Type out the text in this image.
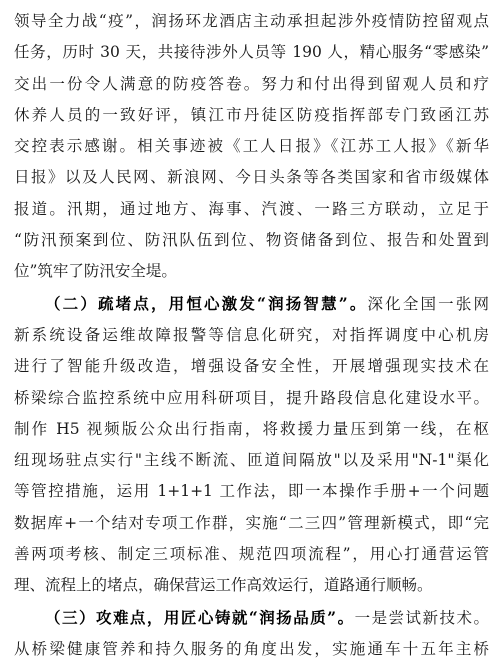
领导全力战“疫”，润扬环龙酒店主动承担起涉外疫情防控留观点
任务，历时 30 天，共接待涉外人员等 190 人，精心服务“零感染”
交出一份令人满意的防疫答卷。努力和付出得到留观人员和疗
休养人员的一致好评，镇江市丹徒区防疫指挥部专门致函江苏
交控表示感谢。相关事迹被《工人日报》《江苏工人报》《新华
日报》以及人民网、新浪网、今日头条等各类国家和省市级媒体
报道。汛期，通过地方、海事、汽渡、一路三方联动，立足于
“防汛预案到位、防汛队伍到位、物资储备到位、报告和处置到
位”筑牢了防汛安全堤。
（二）疏堵点，用恒心激发“润扬智慧”。深化全国一张网
新系统设备运维故障报警等信息化研究，对指挥调度中心机房
进行了智能升级改造，增强设备安全性，开展增强现实技术在
桥梁综合监控系统中应用科研项目，提升路段信息化建设水平。
制作 H5 视频版公众出行指南，将救援力量压到第一线，在枢
纽现场驻点实行"主线不断流、匝道间隔放"以及采用"N-1"渠化
等管控措施，运用 1+1+1 工作法，即一本操作手册+一个问题
数据库+一个结对专项工作群，实施“二三四”管理新模式，即“完
善两项考核、制定三项标准、规范四项流程”，用心打通营运管
理、流程上的堵点，确保营运工作高效运行，道路通行顺畅。
（三）攻难点，用匠心铸就“润扬品质”。一是尝试新技术。
从桥梁健康管养和持久服务的角度出发，实施通车十五年主桥
